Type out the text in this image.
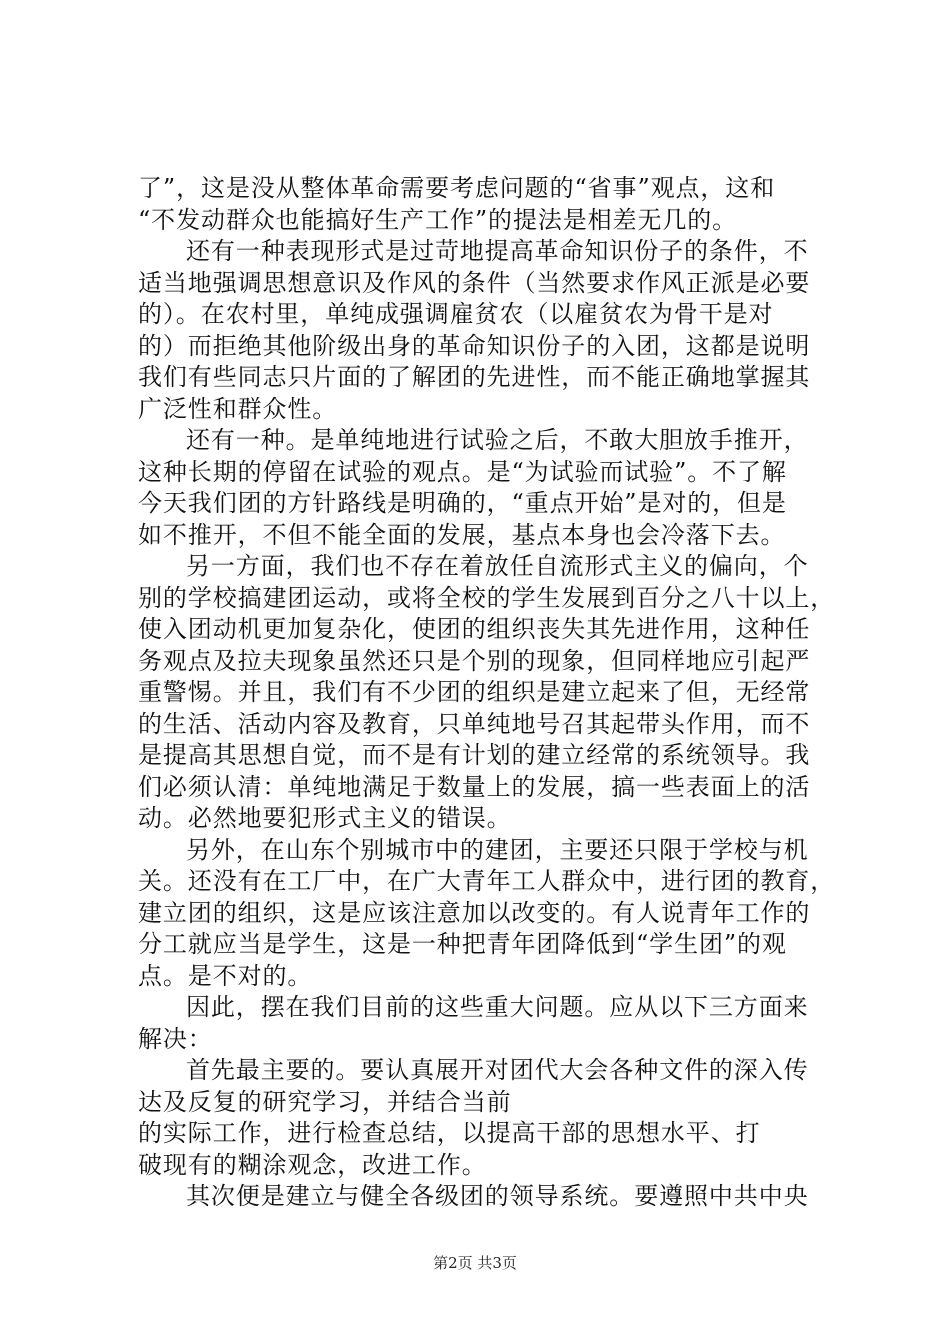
了”，这是没从整体革命需要考虑问题的“省事”观点，这和
“不发动群众也能搞好生产工作”的提法是相差无几的。
还有一种表现形式是过苛地提高革命知识份子的条件，不
适当地强调思想意识及作风的条件（当然要求作风正派是必要
的）。在农村里，单纯成强调雇贫农（以雇贫农为骨干是对
的）而拒绝其他阶级出身的革命知识份子的入团，这都是说明
我们有些同志只片面的了解团的先进性，而不能正确地掌握其
广泛性和群众性。
还有一种。是单纯地进行试验之后，不敢大胆放手推开，
这种长期的停留在试验的观点。是“为试验而试验”。不了解
今天我们团的方针路线是明确的，“重点开始”是对的，但是
如不推开，不但不能全面的发展，基点本身也会冷落下去。
另一方面，我们也不存在着放任自流形式主义的偏向，个
别的学校搞建团运动，或将全校的学生发展到百分之八十以上，
使入团动机更加复杂化，使团的组织丧失其先进作用，这种任
务观点及拉夫现象虽然还只是个别的现象，但同样地应引起严
重警惕。并且，我们有不少团的组织是建立起来了但，无经常
的生活、活动内容及教育，只单纯地号召其起带头作用，而不
是提高其思想自觉，而不是有计划的建立经常的系统领导。我
们必须认清：单纯地满足于数量上的发展，搞一些表面上的活
动。必然地要犯形式主义的错误。
另外，在山东个别城市中的建团，主要还只限于学校与机
关。还没有在工厂中，在广大青年工人群众中，进行团的教育，
建立团的组织，这是应该注意加以改变的。有人说青年工作的
分工就应当是学生，这是一种把青年团降低到“学生团”的观
点。是不对的。
因此，摆在我们目前的这些重大问题。应从以下三方面来
解决：
首先最主要的。要认真展开对团代大会各种文件的深入传
达及反复的研究学习，并结合当前
的实际工作，进行检查总结，以提高干部的思想水平、打
破现有的糊涂观念，改进工作。
其次便是建立与健全各级团的领导系统。要遵照中共中央
第2页 共3页
